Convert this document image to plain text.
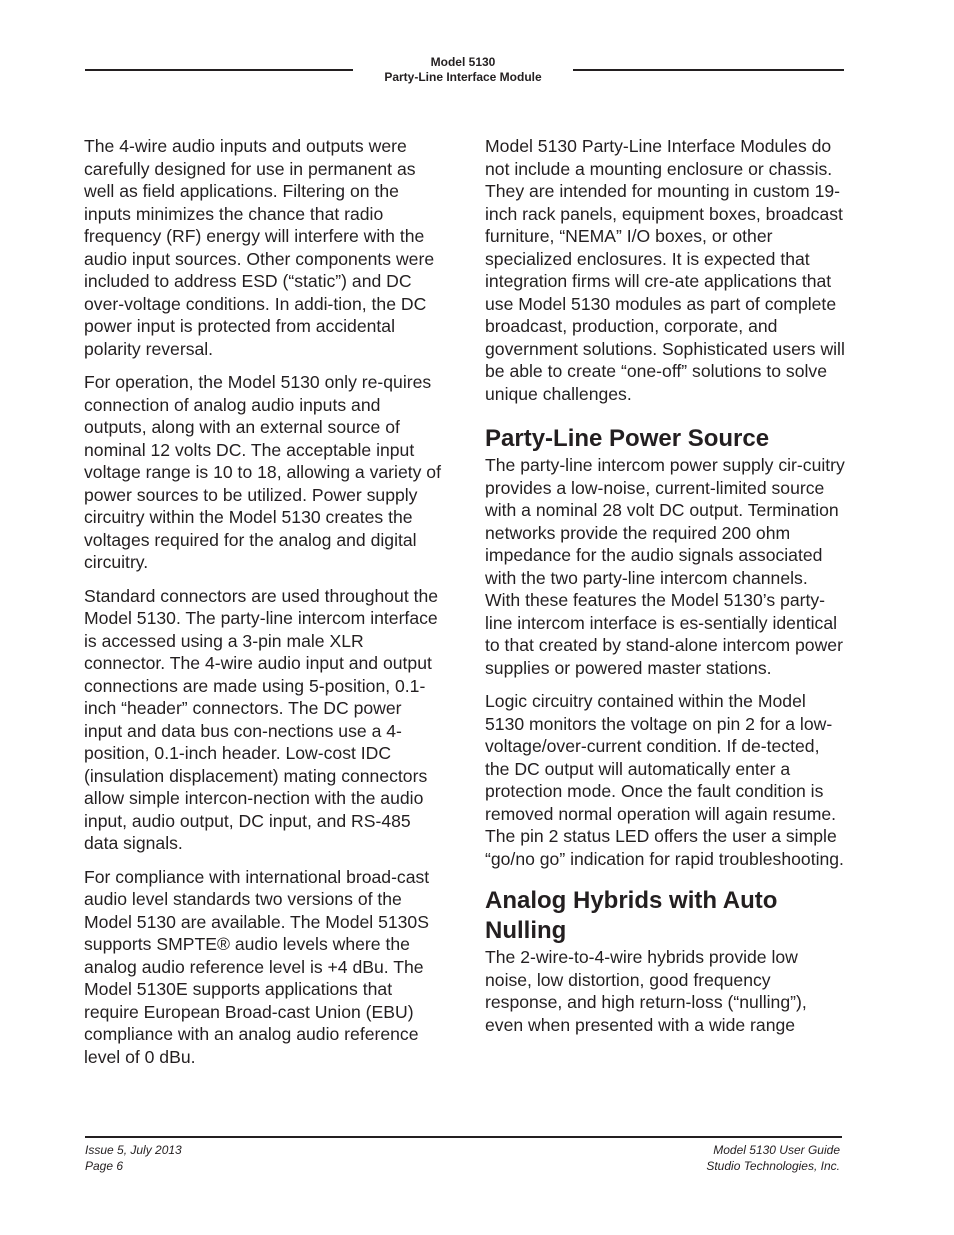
Model 5130
Party-Line Interface Module

The 4-wire audio inputs and outputs were carefully designed for use in permanent as well as field applications. Filtering on the inputs minimizes the chance that radio frequency (RF) energy will interfere with the audio input sources. Other components were included to address ESD (“static”) and DC over-voltage conditions. In addi-tion, the DC power input is protected from accidental polarity reversal.

For operation, the Model 5130 only re-quires connection of analog audio inputs and outputs, along with an external source of nominal 12 volts DC. The acceptable input voltage range is 10 to 18, allowing a variety of power sources to be utilized. Power supply circuitry within the Model 5130 creates the voltages required for the analog and digital circuitry.

Standard connectors are used throughout the Model 5130. The party-line intercom interface is accessed using a 3-pin male XLR connector. The 4-wire audio input and output connections are made using 5-position, 0.1-inch “header” connectors. The DC power input and data bus con-nections use a 4-position, 0.1-inch header. Low-cost IDC (insulation displacement) mating connectors allow simple intercon-nection with the audio input, audio output, DC input, and RS-485 data signals.

For compliance with international broad-cast audio level standards two versions of the Model 5130 are available. The Model 5130S supports SMPTE® audio levels where the analog audio reference level is +4 dBu. The Model 5130E supports applications that require European Broad-cast Union (EBU) compliance with an analog audio reference level of 0 dBu.

Model 5130 Party-Line Interface Modules do not include a mounting enclosure or chassis. They are intended for mounting in custom 19-inch rack panels, equipment boxes, broadcast furniture, “NEMA” I/O boxes, or other specialized enclosures. It is expected that integration firms will cre-ate applications that use Model 5130 modules as part of complete broadcast, production, corporate, and government solutions. Sophisticated users will be able to create “one-off” solutions to solve unique challenges.

Party-Line Power Source

The party-line intercom power supply cir-cuitry provides a low-noise, current-limited source with a nominal 28 volt DC output. Termination networks provide the required 200 ohm impedance for the audio signals associated with the two party-line intercom channels. With these features the Model 5130’s party-line intercom interface is es-sentially identical to that created by stand-alone intercom power supplies or powered master stations.

Logic circuitry contained within the Model 5130 monitors the voltage on pin 2 for a low-voltage/over-current condition. If de-tected, the DC output will automatically enter a protection mode. Once the fault condition is removed normal operation will again resume. The pin 2 status LED offers the user a simple “go/no go” indication for rapid troubleshooting.

Analog Hybrids with Auto Nulling

The 2-wire-to-4-wire hybrids provide low noise, low distortion, good frequency response, and high return-loss (“nulling”), even when presented with a wide range

Issue 5, July 2013
Page 6
Model 5130 User Guide
Studio Technologies, Inc.
